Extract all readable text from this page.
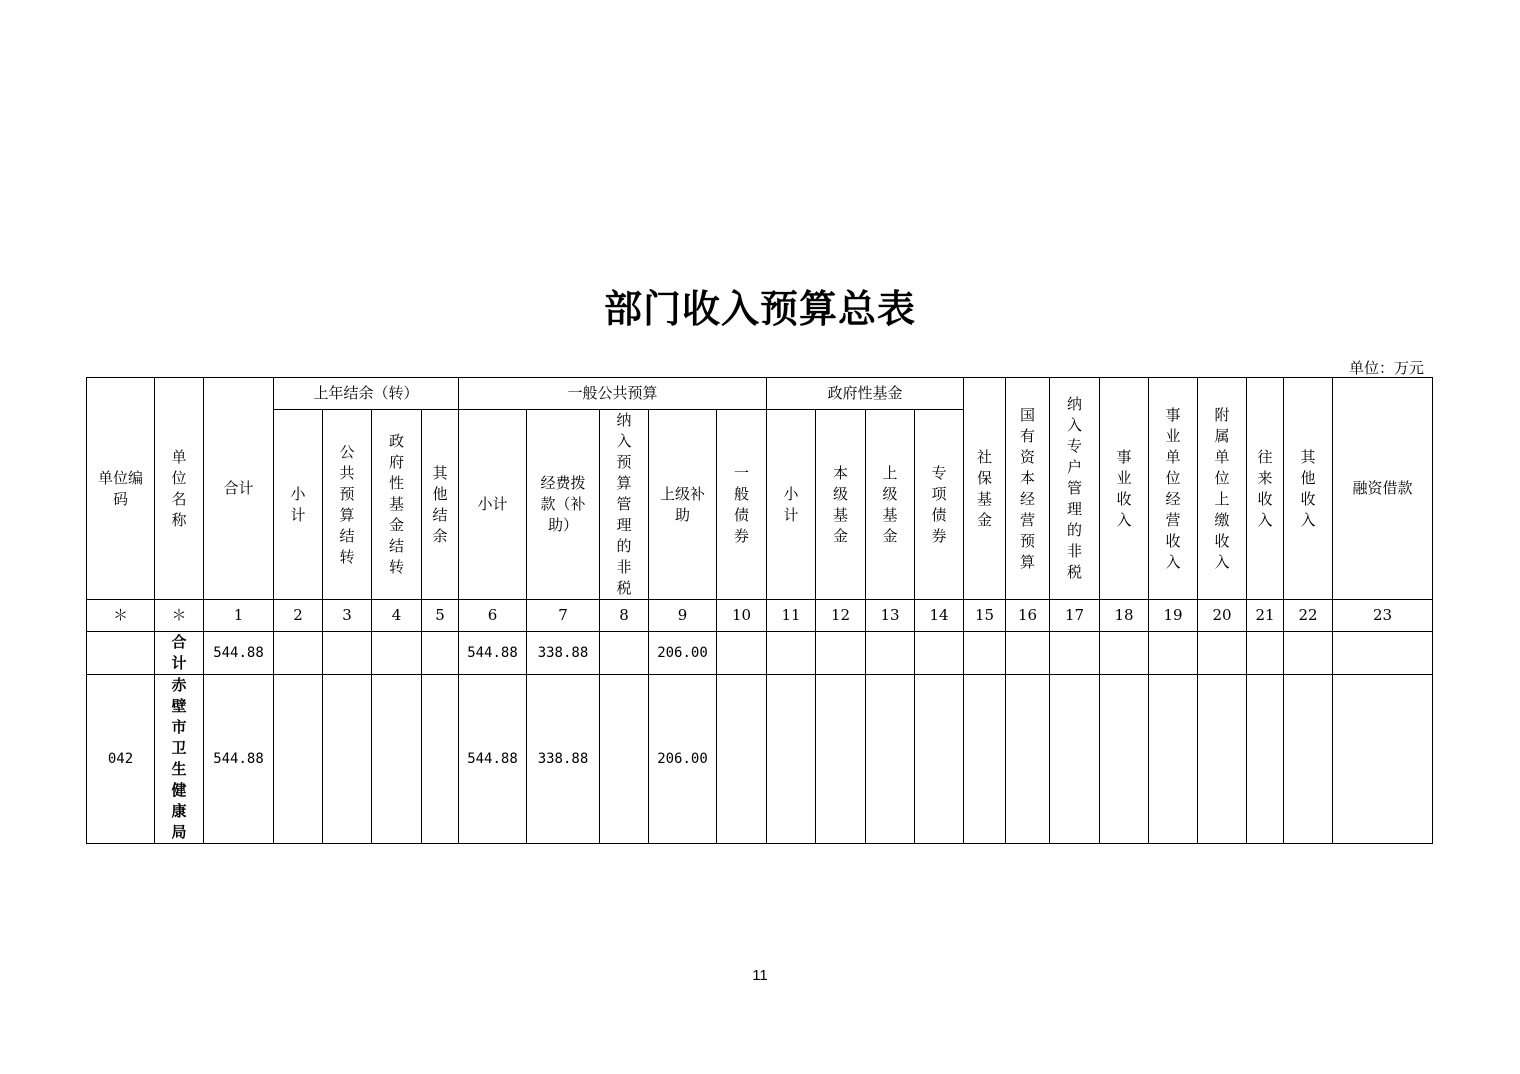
部门收入预算总表
单位：万元
单位编码	单位名称	合计	上年结余（转）				一般公共预算					政府性基金				社保基金	国有资本经营预算	纳入专户管理的非税	事业收入	事业单位经营收入	附属单位上缴收入	往来收入	其他收入	融资借款
			小计	公共预算结转	政府性基金结转	其他结余	小计	经费拨款（补助）	纳入预算管理的非税	上级补助	一般债券	小计	本级基金	上级基金	专项债券									
＊	＊	1	2	3	4	5	6	7	8	9	10	11	12	13	14	15	16	17	18	19	20	21	22	23
	合计	544.88					544.88	338.88		206.00														
042	赤壁市卫生健康局	544.88					544.88	338.88		206.00														
11
